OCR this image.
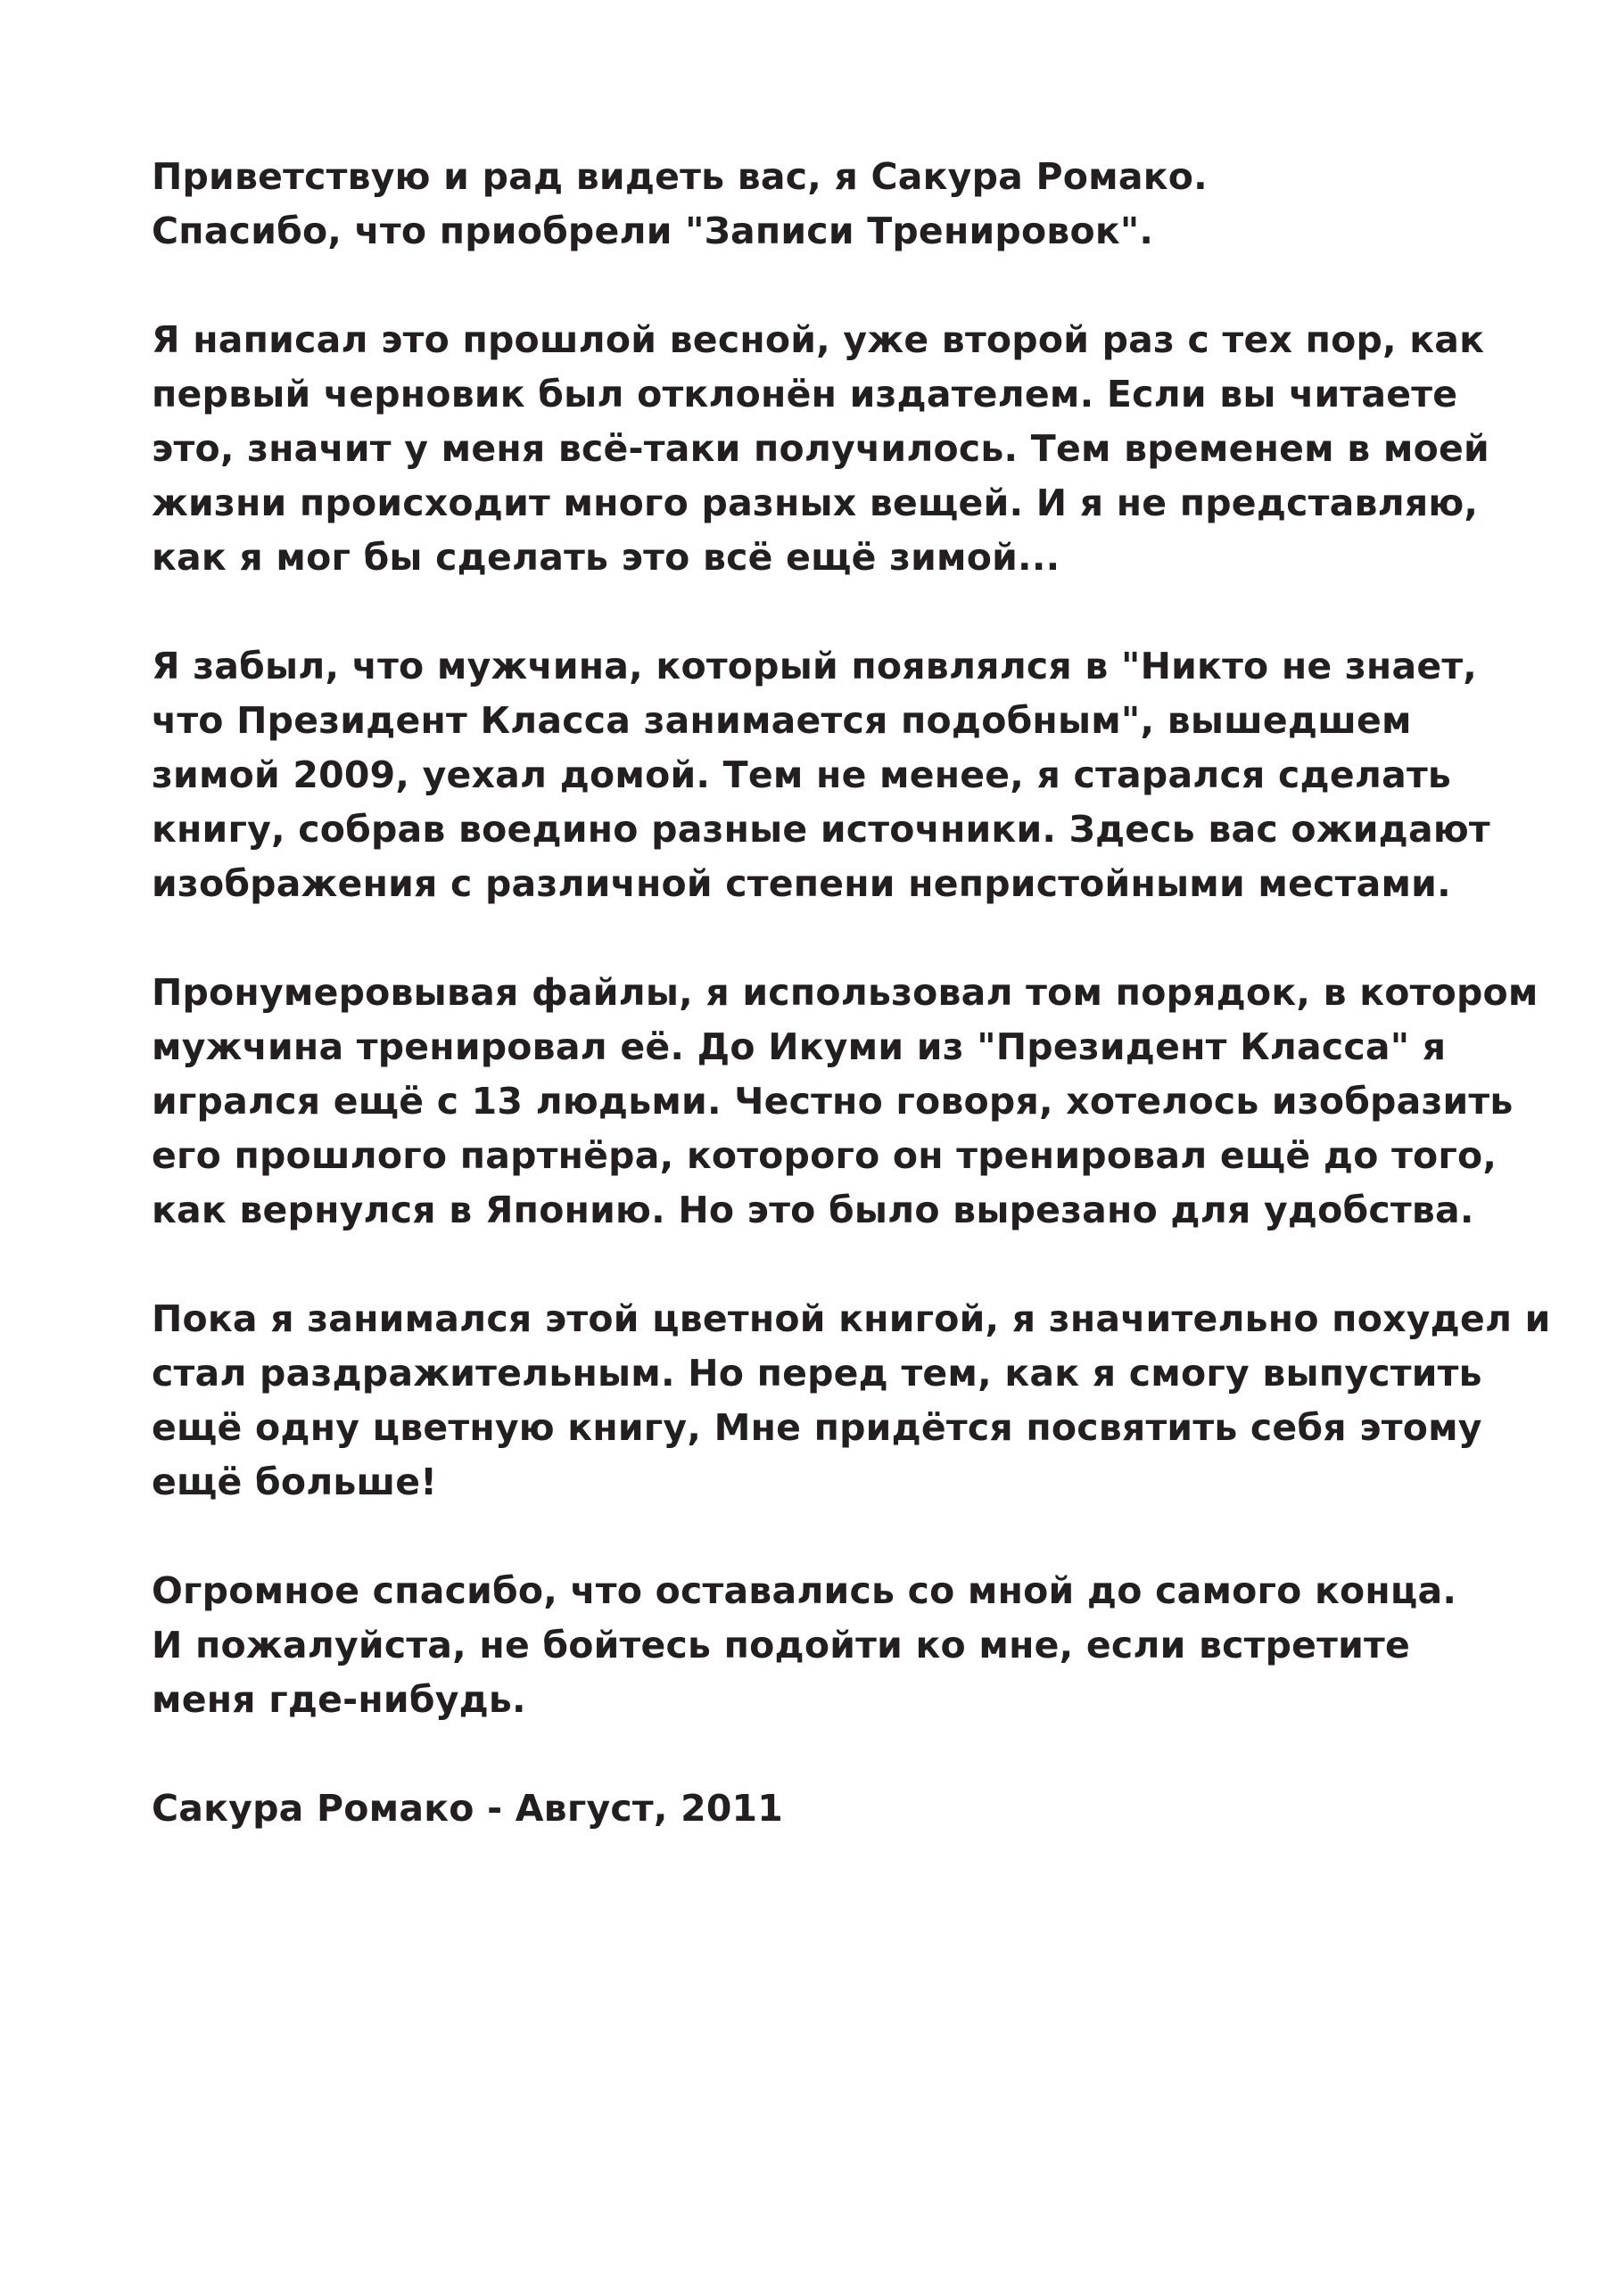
Приветствую и рад видеть вас, я Сакура Ромако.
Спасибо, что приобрели "Записи Тренировок".
Я написал это прошлой весной, уже второй раз с тех пор, как
первый черновик был отклонён издателем. Если вы читаете
это, значит у меня всё-таки получилось. Тем временем в моей
жизни происходит много разных вещей. И я не представляю,
как я мог бы сделать это всё ещё зимой...
Я забыл, что мужчина, который появлялся в "Никто не знает,
что Президент Класса занимается подобным", вышедшем
зимой 2009, уехал домой. Тем не менее, я старался сделать
книгу, собрав воедино разные источники. Здесь вас ожидают
изображения с различной степени непристойными местами.
Пронумеровывая файлы, я использовал том порядок, в котором
мужчина тренировал её. До Икуми из "Президент Класса" я
игрался ещё с 13 людьми. Честно говоря, хотелось изобразить
его прошлого партнёра, которого он тренировал ещё до того,
как вернулся в Японию. Но это было вырезано для удобства.
Пока я занимался этой цветной книгой, я значительно похудел и
стал раздражительным. Но перед тем, как я смогу выпустить
ещё одну цветную книгу, Мне придётся посвятить себя этому
ещё больше!
Огромное спасибо, что оставались со мной до самого конца.
И пожалуйста, не бойтесь подойти ко мне, если встретите
меня где-нибудь.
Сакура Ромако - Август, 2011
